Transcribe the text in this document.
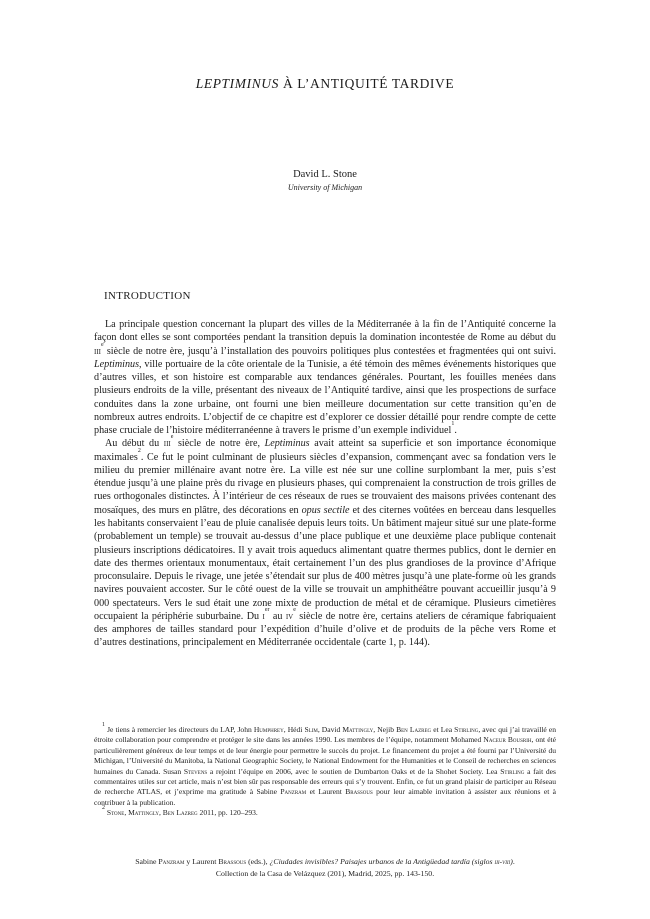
LEPTIMINUS À L’ANTIQUITÉ TARDIVE
David L. Stone
University of Michigan
INTRODUCTION

La principale question concernant la plupart des villes de la Méditerranée à la fin de l’Antiquité concerne la façon dont elles se sont comportées pendant la transition depuis la domination incontestée de Rome au début du iii$^e$ siècle de notre ère, jusqu’à l’installation des pouvoirs politiques plus contestées et fragmentées qui ont suivi. Leptiminus, ville portuaire de la côte orientale de la Tunisie, a été témoin des mêmes événements historiques que d’autres villes, et son histoire est comparable aux tendances générales. Pourtant, les fouilles menées dans plusieurs endroits de la ville, présentant des niveaux de l’Antiquité tardive, ainsi que les prospections de surface conduites dans la zone urbaine, ont fourni une bien meilleure documentation sur cette transition qu’en de nombreux autres endroits. L’objectif de ce chapitre est d’explorer ce dossier détaillé pour rendre compte de cette phase cruciale de l’histoire méditerranéenne à travers le prisme d’un exemple individuel$^1$.

Au début du iii$^e$ siècle de notre ère, Leptiminus avait atteint sa superficie et son importance économique maximales$^2$. Ce fut le point culminant de plusieurs siècles d’expansion, commençant avec sa fondation vers le milieu du premier millénaire avant notre ère. La ville est née sur une colline surplombant la mer, puis s’est étendue jusqu’à une plaine près du rivage en plusieurs phases, qui comprenaient la construction de trois grilles de rues orthogonales distinctes. À l’intérieur de ces réseaux de rues se trouvaient des maisons privées contenant des mosaïques, des murs en plâtre, des décorations en opus sectile et des citernes voûtées en berceau dans lesquelles les habitants conservaient l’eau de pluie canalisée depuis leurs toits. Un bâtiment majeur situé sur une plate-forme (probablement un temple) se trouvait au-dessus d’une place publique et une deuxième place publique contenait plusieurs inscriptions dédicatoires. Il y avait trois aqueducs alimentant quatre thermes publics, dont le dernier en date des thermes orientaux monumentaux, était certainement l’un des plus grandioses de la province d’Afrique proconsulaire. Depuis le rivage, une jetée s’étendait sur plus de 400 mètres jusqu’à une plate-forme où les grands navires pouvaient accoster. Sur le côté ouest de la ville se trouvait un amphithéâtre pouvant accueillir jusqu’à 9 000 spectateurs. Vers le sud était une zone mixte de production de métal et de céramique. Plusieurs cimetières occupaient la périphérie suburbaine. Du $i^{er}$ au $iv^e$ siècle de notre ère, certains ateliers de céramique fabriquaient des amphores de tailles standard pour l’expédition d’huile d’olive et de produits de la pêche vers Rome et d’autres destinations, principalement en Méditerranée occidentale (carte 1, p. 144).

$^1$ Je tiens à remercier les directeurs du LAP, John Humphrey, Hédi Slim, David Mattingly, Nejib Ben Lazreg et Lea Stirling, avec qui j’ai travaillé en étroite collaboration pour comprendre et protéger le site dans les années 1990. Les membres de l’équipe, notamment Mohamed Naceur Bousrih, ont été particulièrement généreux de leur temps et de leur énergie pour permettre le succès du projet. Le financement du projet a été fourni par l’Université du Michigan, l’Université du Manitoba, la National Geographic Society, le National Endowment for the Humanities et le Conseil de recherches en sciences humaines du Canada. Susan Stevens a rejoint l’équipe en 2006, avec le soutien de Dumbarton Oaks et de la Shohet Society. Lea Stirling a fait des commentaires utiles sur cet article, mais n’est bien sûr pas responsable des erreurs qui s’y trouvent. Enfin, ce fut un grand plaisir de participer au Réseau de recherche ATLAS, et j’exprime ma gratitude à Sabine Panzram et Laurent Brassous pour leur aimable invitation à assister aux réunions et à contribuer à la publication.

$^2$ Stone, Mattingly, Ben Lazreg 2011, pp. 120–293.

Sabine Panzram y Laurent Brassous (eds.), ¿Ciudades invisibles? Paisajes urbanos de la Antigüedad tardía (siglos iii-viii).
Collection de la Casa de Velázquez (201), Madrid, 2025, pp. 143-150.
